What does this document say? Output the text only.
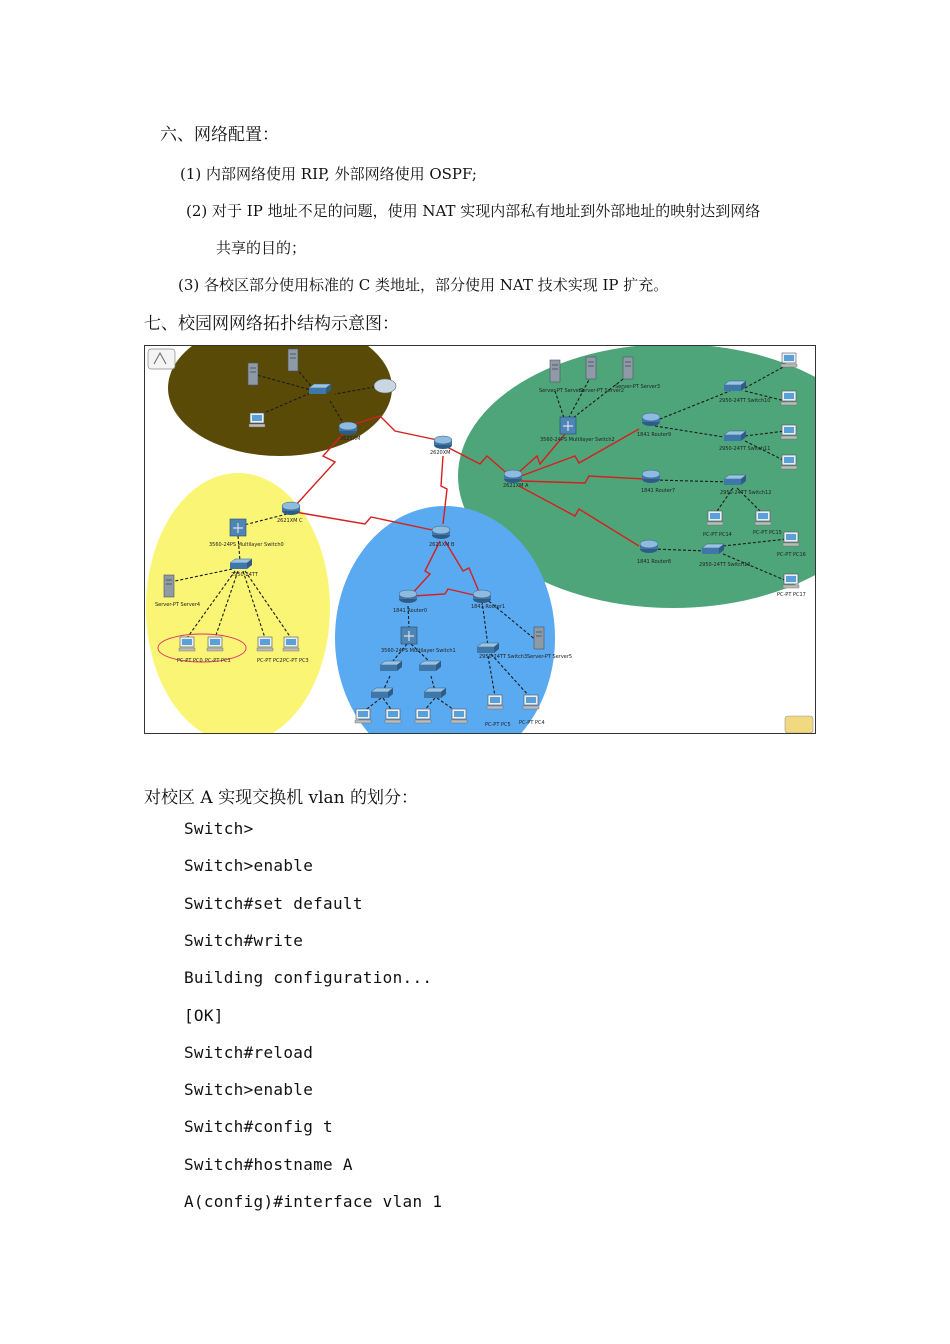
六、网络配置：
(1) 内部网络使用 RIP, 外部网络使用 OSPF;
(2) 对于 IP 地址不足的问题，使用 NAT 实现内部私有地址到外部地址的映射达到网络
共享的目的；
(3) 各校区部分使用标准的 C 类地址，部分使用 NAT 技术实现 IP 扩充。
七、校园网网络拓扑结构示意图：
2621XM
2620XM
2621XM A
2621XM C
2621XM B
1841 Router9
1841 Router7
1841 Router8
1841 Router0
1841 Router1
3560-24PS Multilayer Switch2
3560-24PS Multilayer Switch0
3560-24PS Multilayer Switch1
2950-24TT Switch10
2950-24TT Switch11
2950-24TT Switch12
2950-24TT Switch13
2950-24TT
2950-24TT Switch3
Server-PT Server1
Server-PT Server2
Server-PT Server3
Server-PT Server4
Server-PT Server5
PC-PT PC0 PC-PT PC1	PC-PT PC2 PC-PT PC3
PC-PT PC5 PC-PT PC4
PC-PT PC14	PC-PT PC15
PC-PT PC16
PC-PT PC17
对校区 A 实现交换机 vlan 的划分：
Switch>
Switch>enable
Switch#set default
Switch#write
Building configuration...
[OK]
Switch#reload
Switch>enable
Switch#config t
Switch#hostname A
A(config)#interface vlan 1
